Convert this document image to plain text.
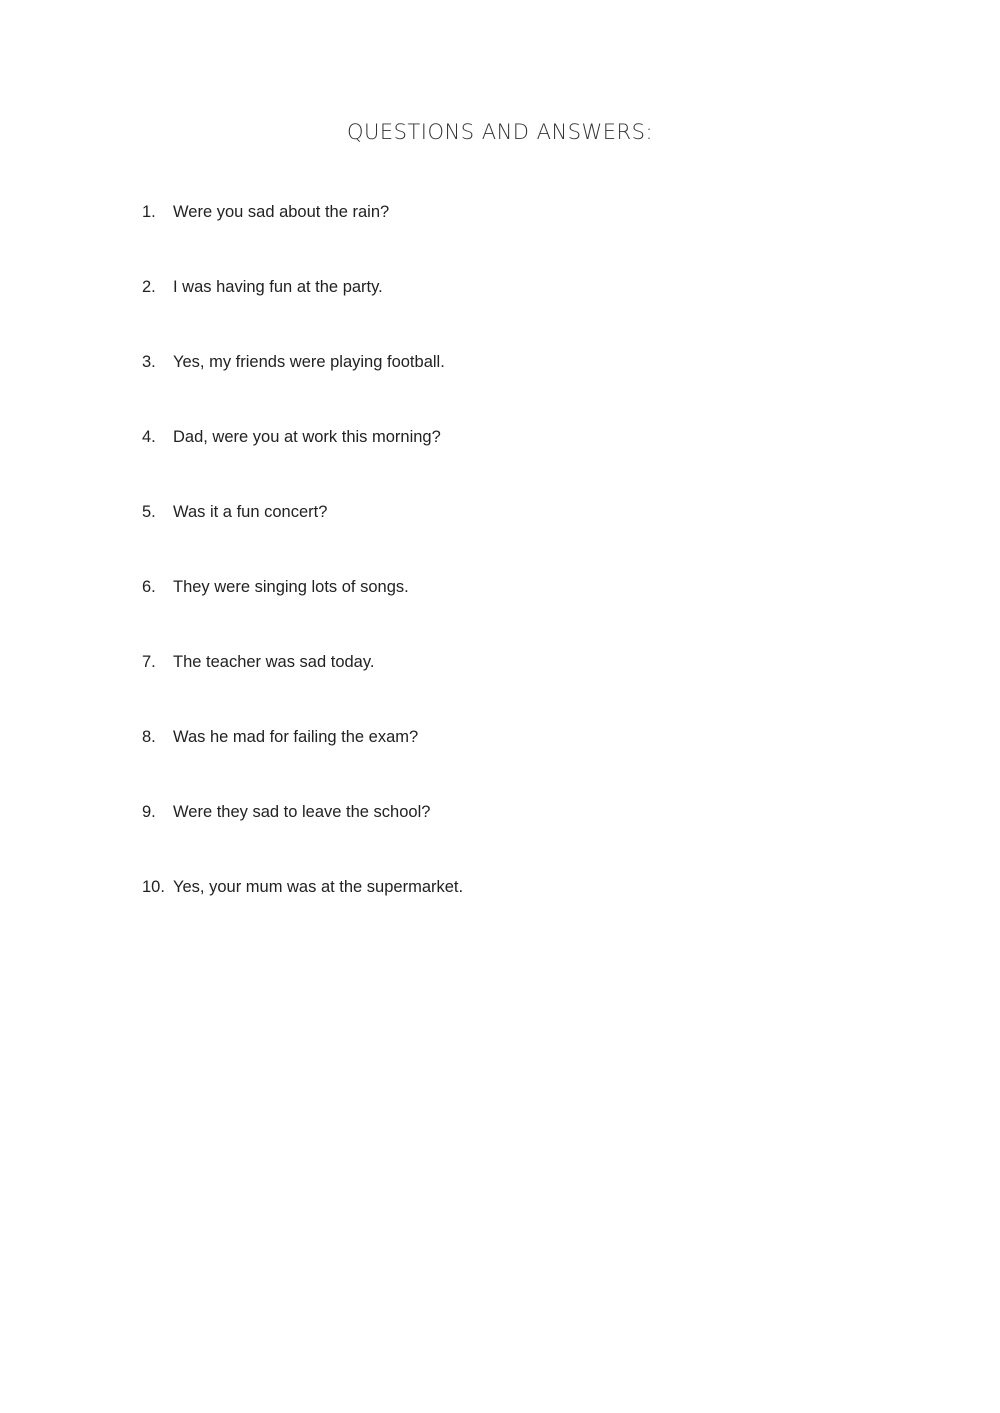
QUESTIONS AND ANSWERS:
1.	Were you sad about the rain?
2.	I was having fun at the party.
3.	Yes, my friends were playing football.
4.	Dad, were you at work this morning?
5.	Was it a fun concert?
6.	They were singing lots of songs.
7.	The teacher was sad today.
8.	Was he mad for failing the exam?
9.	Were they sad to leave the school?
10. Yes, your mum was at the supermarket.
